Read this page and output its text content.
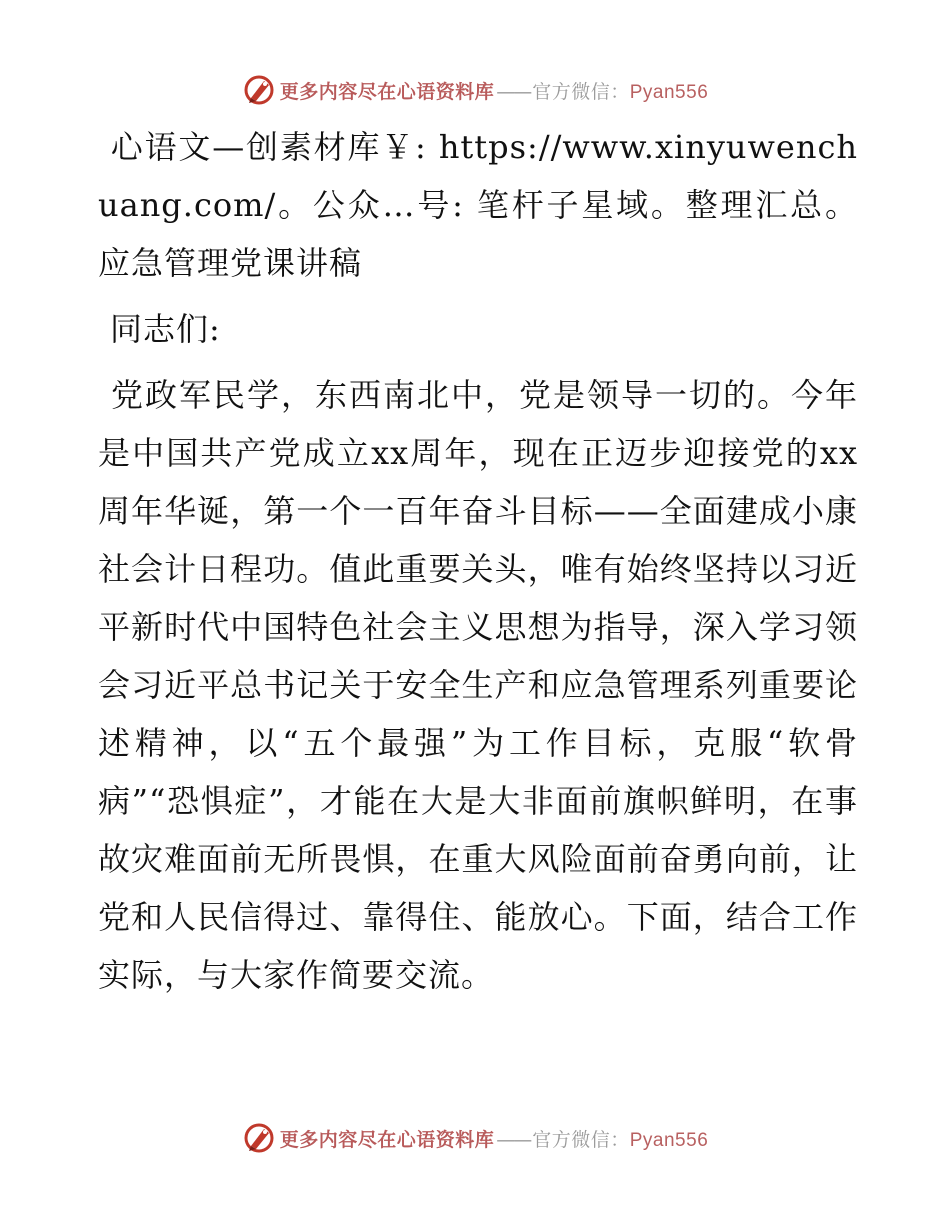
更多内容尽在心语资料库 —— 官方微信：Pyan556

心语文—创素材库￥: https://www.xinyuwenchuang.com/。公众…号: 笔杆子星域。整理汇总。应急管理党课讲稿

同志们:

党政军民学，东西南北中，党是领导一切的。今年是中国共产党成立xx周年，现在正迈步迎接党的xx周年华诞，第一个一百年奋斗目标——全面建成小康社会计日程功。值此重要关头，唯有始终坚持以习近平新时代中国特色社会主义思想为指导，深入学习领会习近平总书记关于安全生产和应急管理系列重要论述精神，以“五个最强”为工作目标，克服“软骨病”“恐惧症”，才能在大是大非面前旗帜鲜明，在事故灾难面前无所畏惧，在重大风险面前奋勇向前，让党和人民信得过、靠得住、能放心。下面，结合工作实际，与大家作简要交流。

更多内容尽在心语资料库 —— 官方微信：Pyan556
